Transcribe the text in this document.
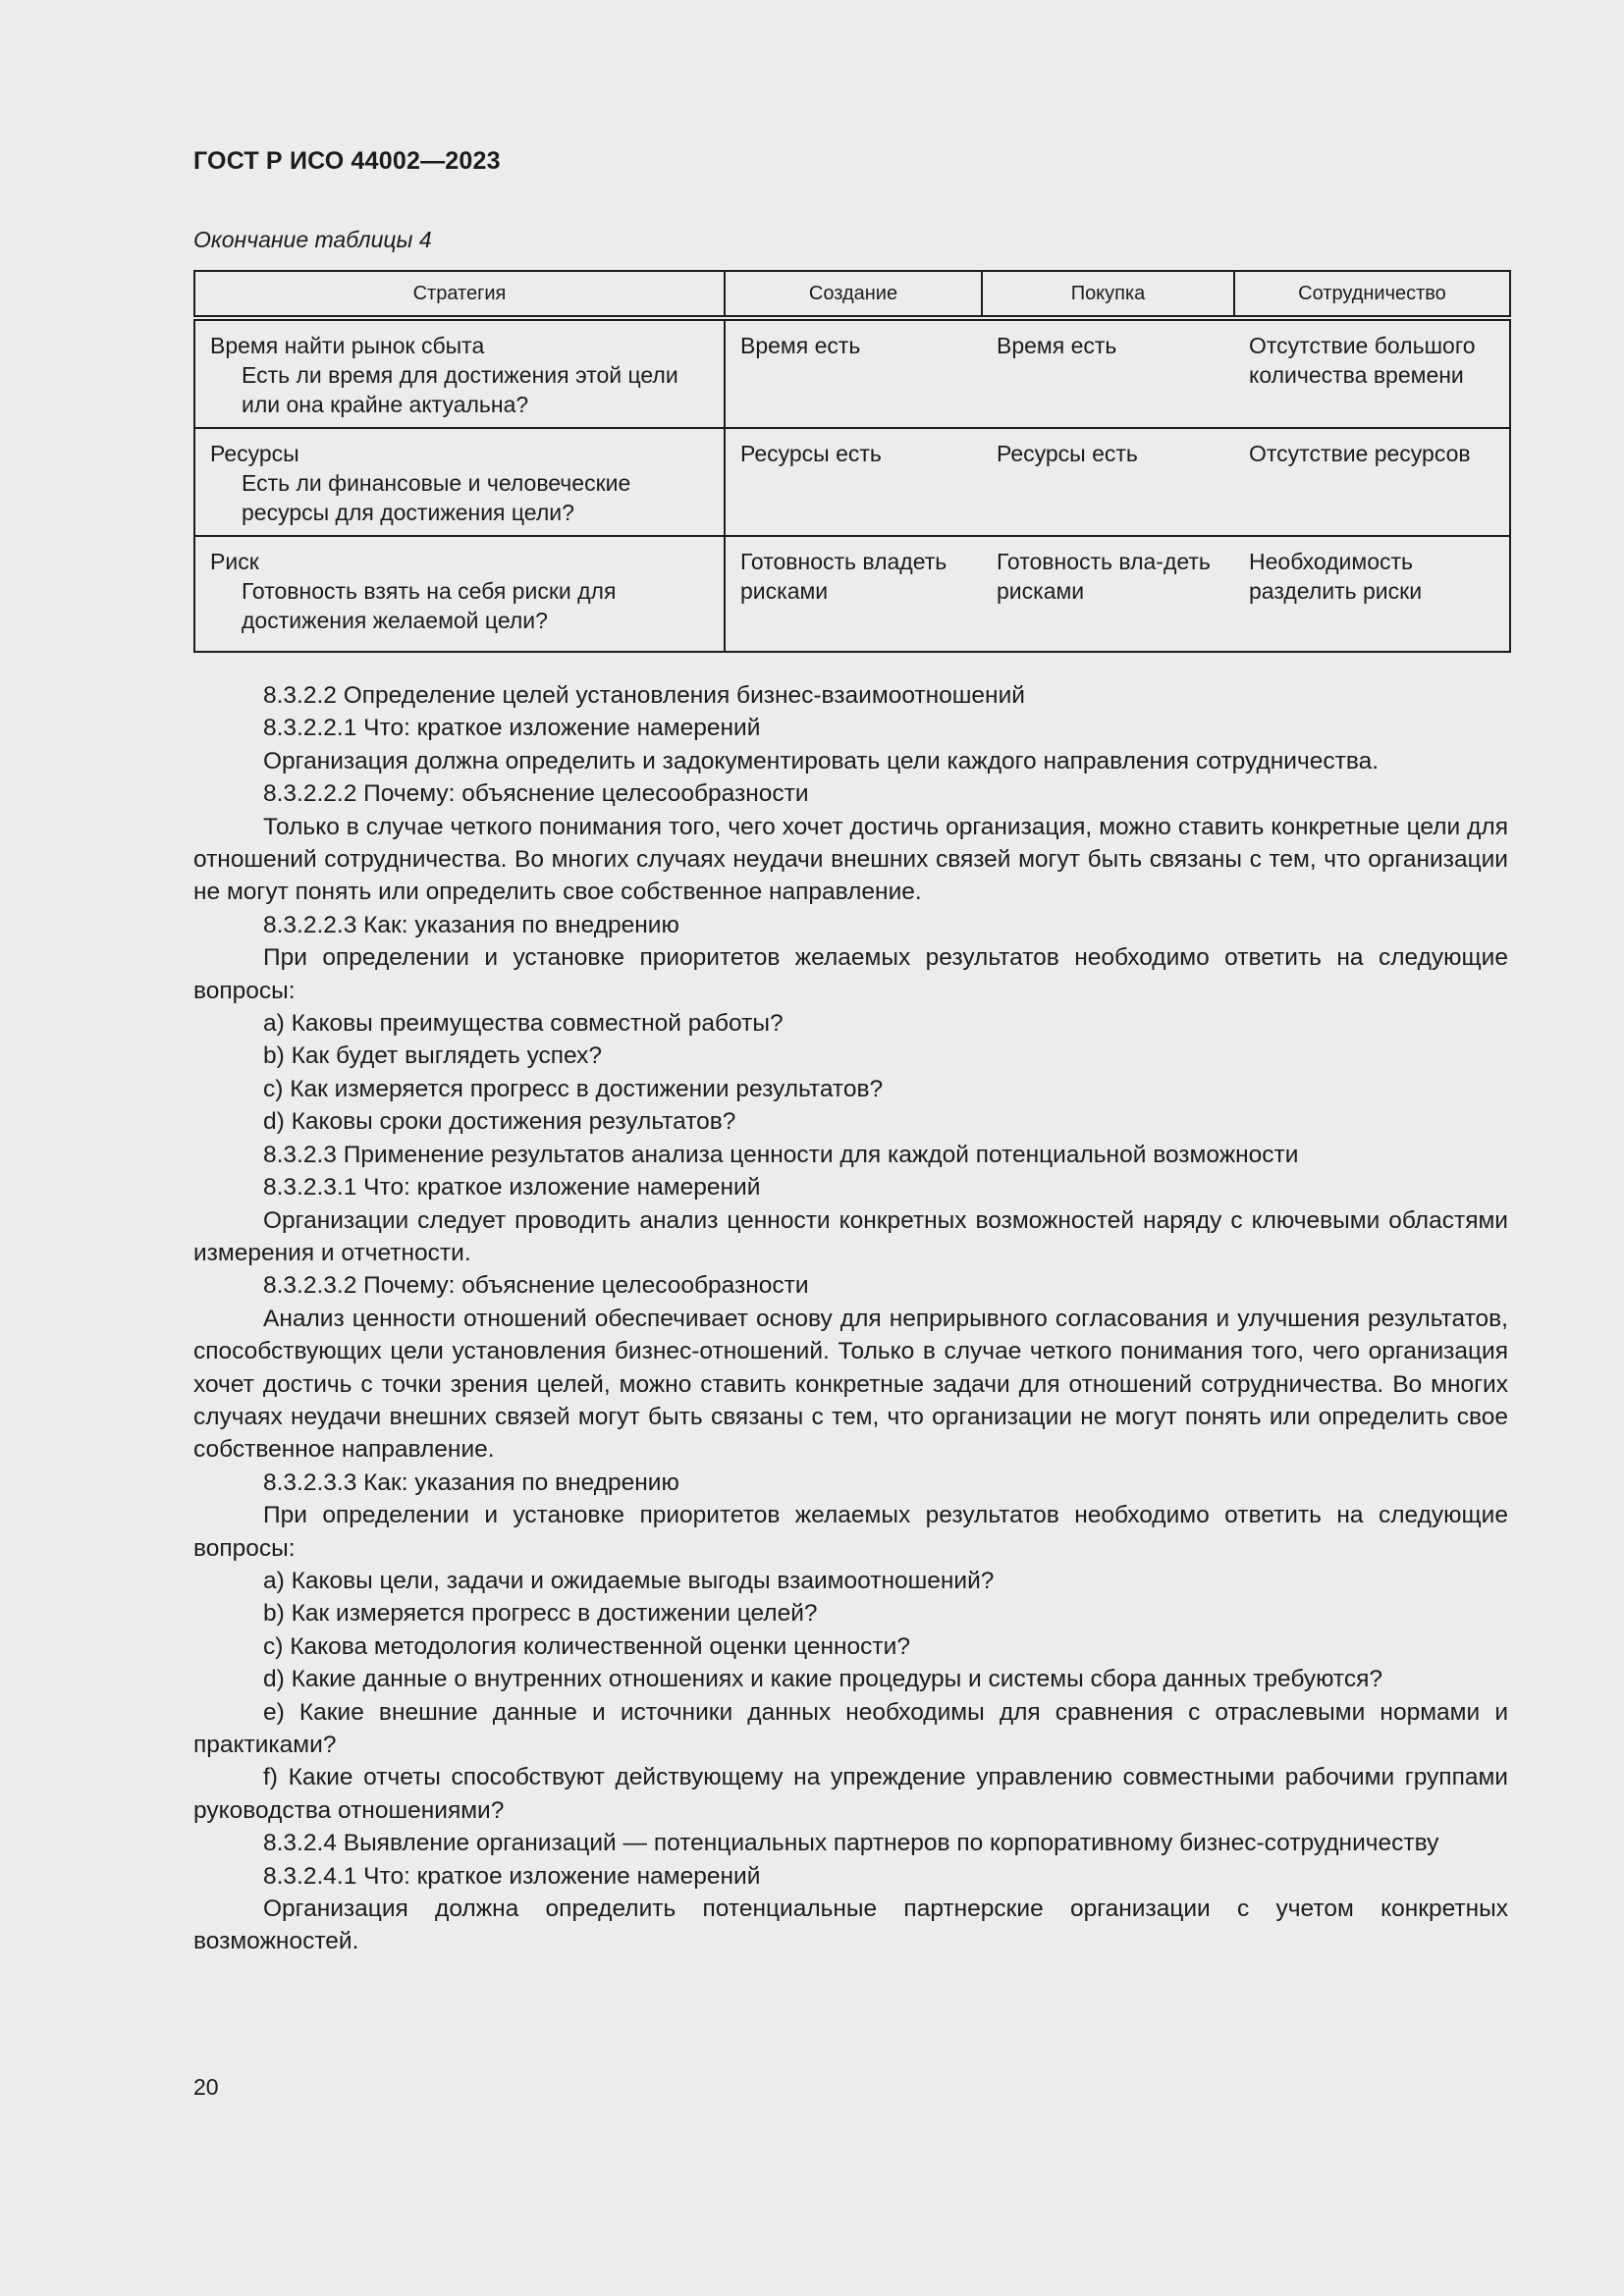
ГОСТ Р ИСО 44002—2023
Окончание таблицы 4
Стратегия	Создание	Покупка	Сотрудничество

Время найти рынок сбыта
Есть ли время для достижения этой цели или она крайне актуальна?	Время есть	Время есть	Отсутствие большого количества времени

Ресурсы
Есть ли финансовые и человеческие ресурсы для достижения цели?	Ресурсы есть	Ресурсы есть	Отсутствие ресурсов

Риск
Готовность взять на себя риски для достижения желаемой цели?	Готовность владеть рисками	Готовность вла-деть рисками	Необходимость разделить риски

8.3.2.2 Определение целей установления бизнес-взаимоотношений

8.3.2.2.1 Что: краткое изложение намерений

Организация должна определить и задокументировать цели каждого направления сотрудничества.

8.3.2.2.2 Почему: объяснение целесообразности

Только в случае четкого понимания того, чего хочет достичь организация, можно ставить конкретные цели для отношений сотрудничества. Во многих случаях неудачи внешних связей могут быть связаны с тем, что организации не могут понять или определить свое собственное направление.

8.3.2.2.3 Как: указания по внедрению

При определении и установке приоритетов желаемых результатов необходимо ответить на следующие вопросы:

a) Каковы преимущества совместной работы?

b) Как будет выглядеть успех?

c) Как измеряется прогресс в достижении результатов?

d) Каковы сроки достижения результатов?

8.3.2.3 Применение результатов анализа ценности для каждой потенциальной возможности

8.3.2.3.1 Что: краткое изложение намерений

Организации следует проводить анализ ценности конкретных возможностей наряду с ключевыми областями измерения и отчетности.

8.3.2.3.2 Почему: объяснение целесообразности

Анализ ценности отношений обеспечивает основу для неприрывного согласования и улучшения результатов, способствующих цели установления бизнес-отношений. Только в случае четкого понимания того, чего организация хочет достичь с точки зрения целей, можно ставить конкретные задачи для отношений сотрудничества. Во многих случаях неудачи внешних связей могут быть связаны с тем, что организации не могут понять или определить свое собственное направление.

8.3.2.3.3 Как: указания по внедрению

При определении и установке приоритетов желаемых результатов необходимо ответить на следующие вопросы:

a) Каковы цели, задачи и ожидаемые выгоды взаимоотношений?

b) Как измеряется прогресс в достижении целей?

c) Какова методология количественной оценки ценности?

d) Какие данные о внутренних отношениях и какие процедуры и системы сбора данных требуются?

e) Какие внешние данные и источники данных необходимы для сравнения с отраслевыми нормами и практиками?

f) Какие отчеты способствуют действующему на упреждение управлению совместными рабочими группами руководства отношениями?

8.3.2.4 Выявление организаций — потенциальных партнеров по корпоративному бизнес-сотрудничеству

8.3.2.4.1 Что: краткое изложение намерений

Организация должна определить потенциальные партнерские организации с учетом конкретных возможностей.

20
